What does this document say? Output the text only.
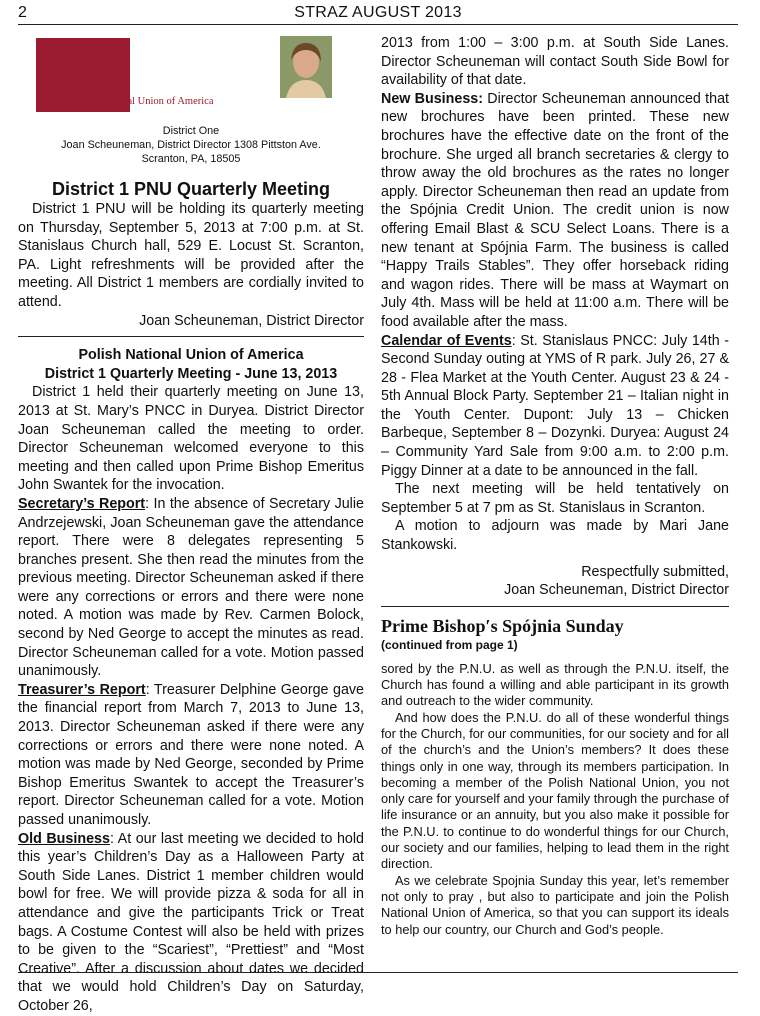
2	STRAZ AUGUST 2013
PNU
Polish National Union of America
District One
Joan Scheuneman, District Director 1308 Pittston Ave.
Scranton, PA, 18505
District 1 PNU Quarterly Meeting

District 1 PNU will be holding its quarterly meeting on Thursday, September 5, 2013 at 7:00 p.m. at St. Stanislaus Church hall, 529 E. Locust St. Scranton, PA. Light refreshments will be provided after the meeting. All District 1 members are cordially invited to attend.

Joan Scheuneman, District Director

Polish National Union of America
District 1 Quarterly Meeting - June 13, 2013

District 1 held their quarterly meeting on June 13, 2013 at St. Mary’s PNCC in Duryea. District Director Joan Scheuneman called the meeting to order. Director Scheuneman welcomed everyone to this meeting and then called upon Prime Bishop Emeritus John Swantek for the invocation.

Secretary’s Report: In the absence of Secretary Julie Andrzejewski, Joan Scheuneman gave the attendance report. There were 8 delegates representing 5 branches present. She then read the minutes from the previous meeting. Director Scheuneman asked if there were any corrections or errors and there were none noted. A motion was made by Rev. Carmen Bolock, second by Ned George to accept the minutes as read. Director Scheuneman called for a vote. Motion passed unanimously.

Treasurer’s Report: Treasurer Delphine George gave the financial report from March 7, 2013 to June 13, 2013. Director Scheuneman asked if there were any corrections or errors and there were none noted. A motion was made by Ned George, seconded by Prime Bishop Emeritus Swantek to accept the Treasurer’s report. Director Scheuneman called for a vote. Motion passed unanimously.

Old Business: At our last meeting we decided to hold this year’s Children’s Day as a Halloween Party at South Side Lanes. District 1 member children would bowl for free. We will provide pizza & soda for all in attendance and give the participants Trick or Treat bags. A Costume Contest will also be held with prizes to be given to the “Scariest”, “Prettiest” and “Most Creative”. After a discussion about dates we decided that we would hold Children’s Day on Saturday, October 26,

2013 from 1:00 – 3:00 p.m. at South Side Lanes. Director Scheuneman will contact South Side Bowl for availability of that date.

New Business: Director Scheuneman announced that new brochures have been printed. These new brochures have the effective date on the front of the brochure. She urged all branch secretaries & clergy to throw away the old brochures as the rates no longer apply. Director Scheuneman then read an update from the Spójnia Credit Union. The credit union is now offering Email Blast & SCU Select Loans. There is a new tenant at Spójnia Farm. The business is called “Happy Trails Stables”. They offer horseback riding and wagon rides. There will be mass at Waymart on July 4th. Mass will be held at 11:00 a.m. There will be food available after the mass.

Calendar of Events: St. Stanislaus PNCC: July 14th - Second Sunday outing at YMS of R park. July 26, 27 & 28 - Flea Market at the Youth Center. August 23 & 24 - 5th Annual Block Party. September 21 – Italian night in the Youth Center. Dupont: July 13 – Chicken Barbeque, September 8 – Dozynki. Duryea: August 24 – Community Yard Sale from 9:00 a.m. to 2:00 p.m. Piggy Dinner at a date to be announced in the fall.

The next meeting will be held tentatively on September 5 at 7 pm as St. Stanislaus in Scranton.

A motion to adjourn was made by Mari Jane Stankowski.

Respectfully submitted,

Joan Scheuneman, District Director

Prime Bishop′s Spójnia Sunday
(continued from page 1)

sored by the P.N.U. as well as through the P.N.U. itself, the Church has found a willing and able participant in its growth and outreach to the wider community.

And how does the P.N.U. do all of these wonderful things for the Church, for our communities, for our society and for all of the church’s and the Union’s members? It does these things only in one way, through its members participation. In becoming a member of the Polish National Union, you not only care for yourself and your family through the purchase of life insurance or an annuity, but you also make it possible for the P.N.U. to continue to do wonderful things for our Church, our society and our families, helping to lead them in the right direction.

As we celebrate Spojnia Sunday this year, let’s remember not only to pray , but also to participate and join the Polish National Union of America, so that you can support its ideals to help our country, our Church and God’s people.
